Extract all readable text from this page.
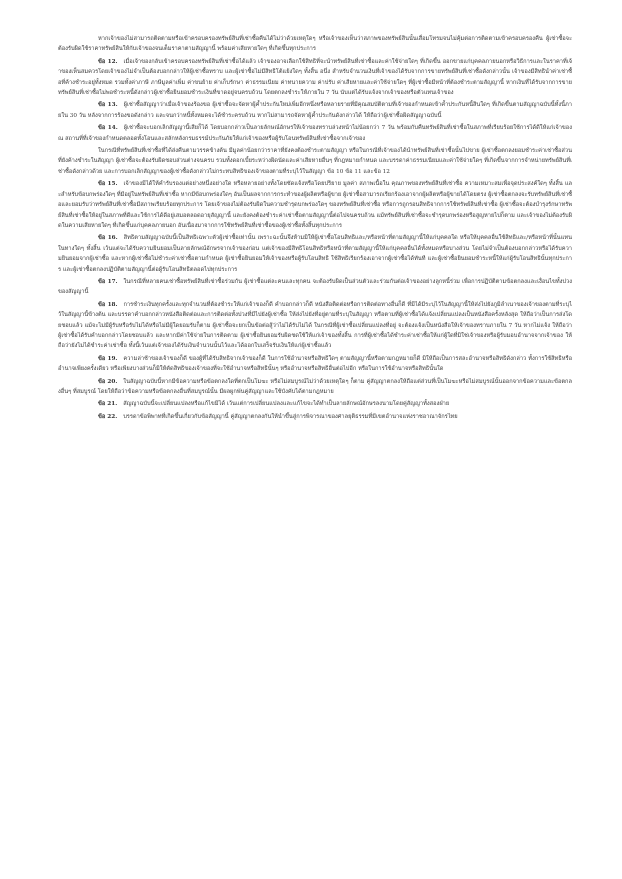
หากเจ้าของไม่สามารถติดตามหรือเข้าครอบครองทรัพย์สินที่เช่าซื้อคืนได้ไม่ว่าด้วยเหตุใดๆ หรือเจ้าของเห็นว่าสภาพของทรัพย์สินนั้นเสื่อมโทรมจนไม่คุ้มต่อการติดตามเข้าครอบครองคืน ผู้เช่าซื้อจะต้องรับผิดใช้ราคาทรัพย์สินให้กับเจ้าของจนเต็มราคาตามสัญญานี้ พร้อมค่าเสียหายใดๆ ที่เกิดขึ้นทุกประการ

ข้อ 12. เมื่อเจ้าของกลับเข้าครอบครองทรัพย์สินที่เช่าซื้อได้แล้ว เจ้าของอาจเลือกใช้สิทธิที่จะนำทรัพย์สินที่เช่าซื้อและค่าใช้จ่ายใดๆ ที่เกิดขึ้น ออกขายแก่บุคคลภายนอกหรือวิธีการและในราคาที่เจ้าของเห็นสมควรโดยเจ้าของไม่จำเป็นต้องบอกกล่าวให้ผู้เช่าซื้อทราบ และผู้เช่าซื้อไม่มีสิทธิโต้แย้งใดๆ ทั้งสิ้น อนึ่ง สำหรับจำนวนเงินที่เจ้าของได้รับจากการขายทรัพย์สินที่เช่าซื้อดังกล่าวนั้น เจ้าของมีสิทธินำค่าเช่าซื้อที่ค้างชำระอยู่ทั้งหมด รวมทั้งค่าภาษี ภาษีมูลค่าเพิ่ม ค่าขนย้าย ค่าเก็บรักษา ค่าธรรมเนียม ค่าทนายความ ค่าปรับ ค่าเสียหายและค่าใช้จ่ายใดๆ ที่ผู้เช่าซื้อมีหน้าที่ต้องชำระตามสัญญานี้ หากเงินที่ได้รับจากการขายทรัพย์สินที่เช่าซื้อไม่พอชำระหนี้ดังกล่าวผู้เช่าซื้อยินยอมชำระเงินที่ขาดอยู่จนครบถ้วน โดยตกลงชำระให้ภายใน 7 วัน นับแต่ได้รับแจ้งจากเจ้าของหรือตัวแทนเจ้าของ

ข้อ 13. ผู้เช่าซื้อสัญญาว่าเมื่อเจ้าของร้องขอ ผู้เช่าซื้อจะจัดหาผู้ค้ำประกันใหม่เพิ่มอีกหนึ่งหรือหลายรายที่มีคุณสมบัติตามที่เจ้าของกำหนดเข้าค้ำประกันหนี้สินใดๆ ที่เกิดขึ้นตามสัญญาฉบับนี้ทั้งนี้ภายใน 30 วัน หลังจากการร้องขอดังกล่าว และจนกว่าหนี้ทั้งหมดจะได้ชำระครบถ้วน หากไม่สามารถจัดหาผู้ค้ำประกันดังกล่าวได้ ให้ถือว่าผู้เช่าซื้อผิดสัญญาฉบับนี้

ข้อ 14. ผู้เช่าซื้อจะบอกเลิกสัญญานี้เสียก็ได้ โดยบอกกล่าวเป็นลายลักษณ์อักษรให้เจ้าของทราบล่วงหน้าไม่น้อยกว่า 7 วัน พร้อมกับคืนทรัพย์สินที่เช่าซื้อในสภาพที่เรียบร้อยใช้การได้ดีให้แก่เจ้าของ ณ สถานที่ที่เจ้าของกำหนดตลอดทั้งโอนและสลักหลังกรมธรรม์ประกันภัยให้แก่เจ้าของหรือผู้รับโอนทรัพย์สินที่เช่าซื้อจากเจ้าของ

ในกรณีที่ทรัพย์สินที่เช่าซื้อที่ได้ส่งคืนตามวรรคข้างต้น มีมูลค่าน้อยกว่าราคาที่ยังคงต้องชำระตามสัญญา หรือในกรณีที่เจ้าของได้นำทรัพย์สินที่เช่าซื้อนั้นไปขาย ผู้เช่าซื้อตกลงยอมชำระค่าเช่าซื้อส่วนที่ยังค้างชำระในสัญญา ผู้เช่าซื้อจะต้องรับผิดชอบส่วนต่างจนครบ รวมทั้งดอกเบี้ยระหว่างผิดนัดและค่าเสียหายอื่นๆ ที่กฎหมายกำหนด และบรรดาค่าธรรมเนียมและค่าใช้จ่ายใดๆ ที่เกิดขึ้นจากการจำหน่ายทรัพย์สินที่เช่าซื้อดังกล่าวด้วย และการบอกเลิกสัญญาของผู้เช่าซื้อดังกล่าวไม่กระทบสิทธิของเจ้าของตามที่ระบุไว้ในสัญญา ข้อ 10 ข้อ 11 และข้อ 12

ข้อ 15. เจ้าของมิได้ให้คำรับรองแต่อย่างหนึ่งอย่างใด หรือหลายอย่างทั้งโดยชัดแจ้งหรือโดยปริยาย มูลค่า สภาพเนื้อใน คุณภาพของทรัพย์สินที่เช่าซื้อ ความเหมาะสมเพื่อจุดประสงค์ใดๆ ทั้งสิ้น และสำหรับข้อบกพร่องใดๆ ที่มีอยู่ในทรัพย์สินที่เช่าซื้อ หากมีข้อบกพร่องใดๆ อันเป็นผลจากการกระทำของผู้ผลิตหรือผู้ขาย ผู้เช่าซื้อสามารถเรียกร้องเอาจากผู้ผลิตหรือผู้ขายได้โดยตรง ผู้เช่าซื้อตกลงจะรับทรัพย์สินที่เช่าซื้อและยอมรับว่าทรัพย์สินที่เช่าซื้อมีสภาพเรียบร้อยทุกประการ โดยเจ้าของไม่ต้องรับผิดในความชำรุดบกพร่องใดๆ ของทรัพย์สินที่เช่าซื้อ หรือการถูกรอนสิทธิจากการใช้ทรัพย์สินที่เช่าซื้อ ผู้เช่าซื้อจะต้องบำรุงรักษาทรัพย์สินที่เช่าซื้อให้อยู่ในสภาพที่ดีและใช้การได้ดีอยู่เสมอตลอดอายุสัญญานี้ และยังคงต้องชำระค่าเช่าซื้อตามสัญญานี้ต่อไปจนครบถ้วน แม้ทรัพย์สินที่เช่าซื้อจะชำรุดบกพร่องหรือสูญหายไปก็ตาม และเจ้าของไม่ต้องรับผิดในความเสียหายใดๆ ที่เกิดขึ้นแก่บุคคลภายนอก อันเนื่องมาจากการใช้ทรัพย์สินที่เช่าซื้อของผู้เช่าซื้อทั้งสิ้นทุกประการ

ข้อ 16. สิทธิตามสัญญาฉบับนี้เป็นสิทธิเฉพาะตัวผู้เช่าซื้อเท่านั้น เพราะฉะนั้นจึงห้ามมิให้ผู้เช่าซื้อโอนสิทธิและ/หรือหน้าที่ตามสัญญานี้ให้แก่บุคคลใด หรือให้บุคคลอื่นใช้สิทธิและ/หรือหน้าที่นั้นแทนในทางใดๆ ทั้งสิ้น เว้นแต่จะได้รับความยินยอมเป็นลายลักษณ์อักษรจากเจ้าของก่อน แต่เจ้าของมีสิทธิโอนสิทธิหรือหน้าที่ตามสัญญานี้ให้แก่บุคคลอื่นได้ทั้งหมดหรือบางส่วน โดยไม่จำเป็นต้องบอกกล่าวหรือได้รับความยินยอมจากผู้เช่าซื้อ และหากผู้เช่าซื้อไม่ชำระค่าเช่าซื้อตามกำหนด ผู้เช่าซื้อยินยอมให้เจ้าของหรือผู้รับโอนสิทธิ ใช้สิทธิเรียกร้องเอาจากผู้เช่าซื้อได้ทันที และผู้เช่าซื้อยินยอมชำระหนี้ให้แก่ผู้รับโอนสิทธินั้นทุกประการ และผู้เช่าซื้อตกลงปฏิบัติตามสัญญานี้ต่อผู้รับโอนสิทธิตลอดไปทุกประการ

ข้อ 17. ในกรณีที่หลายคนเช่าซื้อทรัพย์สินที่เช่าซื้อร่วมกัน ผู้เช่าซื้อแต่ละคนและทุกคน จะต้องรับผิดเป็นส่วนตัวและร่วมกันต่อเจ้าของอย่างลูกหนี้ร่วม เพื่อการปฏิบัติตามข้อตกลงและเงื่อนไขทั้งปวงของสัญญานี้

ข้อ 18. การชำระเงินทุกครั้งและทุกจำนวนที่ต้องชำระให้แก่เจ้าของก็ดี คำบอกกล่าวก็ดี หนังสือติดต่อหรือการติดต่อทางอื่นก็ดี ที่มิได้มีระบุไว้ในสัญญานี้ให้ส่งไปยังภูมิลำเนาของเจ้าของตามที่ระบุไว้ในสัญญานี้ข้างต้น และบรรดาคำบอกกล่าวหนังสือติดต่อและการติดต่อทั้งปวงที่มีไปยังผู้เช่าซื้อ ให้ส่งไปยังที่อยู่ตามที่ระบุในสัญญา หรือตามที่ผู้เช่าซื้อได้แจ้งเปลี่ยนแปลงเป็นหนังสือครั้งหลังสุด ให้ถือว่าเป็นการส่งโดยชอบแล้ว แม้จะไม่มีผู้รับหรือรับไม่ได้หรือไม่มีผู้ใดยอมรับก็ตาม ผู้เช่าซื้อจะยกเป็นข้อต่อสู้ว่าไม่ได้รับไม่ได้ ในกรณีที่ผู้เช่าซื้อเปลี่ยนแปลงที่อยู่ จะต้องแจ้งเป็นหนังสือให้เจ้าของทราบภายใน 7 วัน หากไม่แจ้ง ให้ถือว่าผู้เช่าซื้อได้รับคำบอกกล่าวโดยชอบแล้ว และหากมีค่าใช้จ่ายในการติดตาม ผู้เช่าซื้อยินยอมรับผิดชดใช้ให้แก่เจ้าของทั้งสิ้น การที่ผู้เช่าซื้อได้ชำระค่าเช่าซื้อให้แก่ผู้ใดที่มิใช่เจ้าของหรือผู้รับมอบอำนาจจากเจ้าของ ให้ถือว่ายังไม่ได้ชำระค่าเช่าซื้อ ทั้งนี้เว้นแต่เจ้าของได้รับเงินจำนวนนั้นไว้และได้ออกใบเสร็จรับเงินให้แก่ผู้เช่าซื้อแล้ว

ข้อ 19. ความล่าช้าของเจ้าของก็ดี ของผู้ที่ได้รับสิทธิจากเจ้าของก็ดี ในการใช้อำนาจหรือสิทธิใดๆ ตามสัญญานี้หรือตามกฎหมายก็ดี มิให้ถือเป็นการสละอำนาจหรือสิทธิดังกล่าว ทั้งการใช้สิทธิหรืออำนาจเพียงครั้งเดียว หรือเพียงบางส่วนก็มิให้ตัดสิทธิของเจ้าของที่จะใช้อำนาจหรือสิทธินั้นๆ หรืออำนาจหรือสิทธิอื่นต่อไปอีก หรือในการใช้อำนาจหรือสิทธินั้นใด

ข้อ 20. ในสัญญาฉบับนี้หากมีข้อความหรือข้อตกลงใดที่ตกเป็นโมฆะ หรือไม่สมบูรณ์ไม่ว่าด้วยเหตุใดๆ ก็ตาม คู่สัญญาตกลงให้ถือแต่ส่วนที่เป็นโมฆะหรือไม่สมบูรณ์นั้นออกจากข้อความและข้อตกลงอื่นๆ ที่สมบูรณ์ โดยให้ถือว่าข้อความหรือข้อตกลงอื่นที่สมบูรณ์นั้น มีผลผูกพันคู่สัญญาและใช้บังคับได้ตามกฎหมาย

ข้อ 21. สัญญาฉบับนี้จะเปลี่ยนแปลงหรือแก้ไขมิได้ เว้นแต่การเปลี่ยนแปลงและแก้ไขจะได้ทำเป็นลายลักษณ์อักษรลงนามโดยคู่สัญญาทั้งสองฝ่าย

ข้อ 22. บรรดาข้อพิพาทที่เกิดขึ้นเกี่ยวกับข้อสัญญานี้ คู่สัญญาตกลงกันให้นำขึ้นสู่การพิจารณาของศาลยุติธรรมที่มีเขตอำนาจแห่งราชอาณาจักรไทย
